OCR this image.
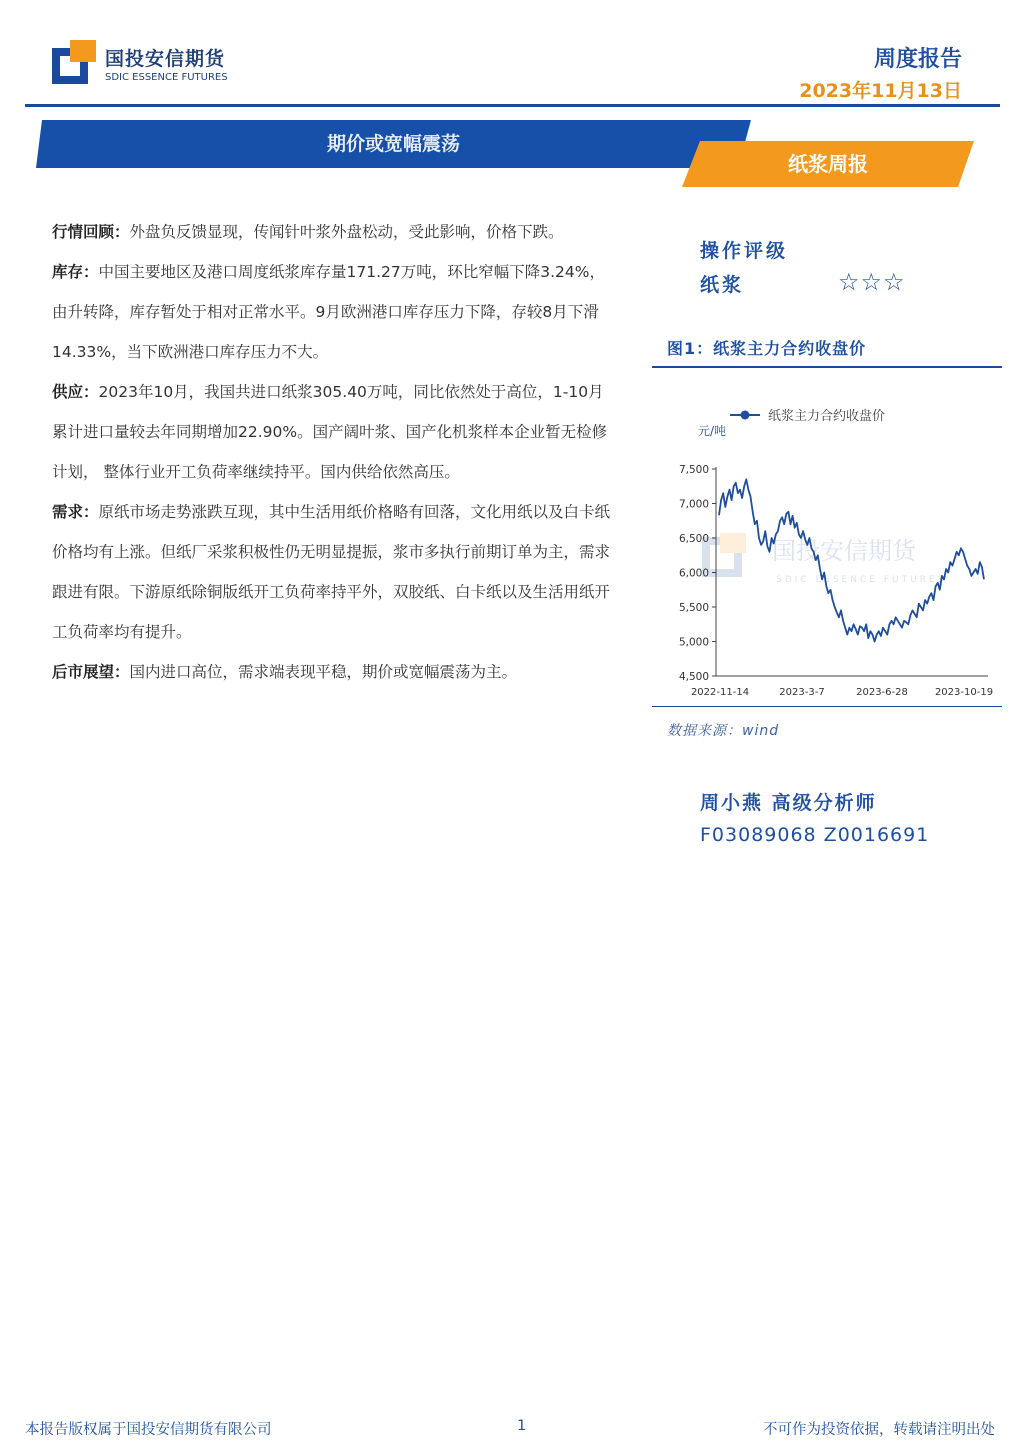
国投安信期货
SDIC ESSENCE FUTURES
周度报告
2023年11月13日
期价或宽幅震荡
纸浆周报

行情回顾：外盘负反馈显现，传闻针叶浆外盘松动，受此影响，价格下跌。

库存：中国主要地区及港口周度纸浆库存量171.27万吨，环比窄幅下降3.24%，由升转降，库存暂处于相对正常水平。9月欧洲港口库存压力下降，存较8月下滑14.33%，当下欧洲港口库存压力不大。

供应：2023年10月，我国共进口纸浆305.40万吨，同比依然处于高位，1-10月累计进口量较去年同期增加22.90%。国产阔叶浆、国产化机浆样本企业暂无检修计划， 整体行业开工负荷率继续持平。国内供给依然高压。

需求：原纸市场走势涨跌互现，其中生活用纸价格略有回落，文化用纸以及白卡纸价格均有上涨。但纸厂采浆积极性仍无明显提振，浆市多执行前期订单为主，需求跟进有限。下游原纸除铜版纸开工负荷率持平外，双胶纸、白卡纸以及生活用纸开工负荷率均有提升。

后市展望：国内进口高位，需求端表现平稳，期价或宽幅震荡为主。

操作评级
纸浆	☆☆☆
图1：纸浆主力合约收盘价
国投安信期货
SDIC ESSENCE FUTURES
元/吨
7,500
7,000
6,500
6,000
5,500
5,000
4,500
2022-11-14	2023-3-7	2023-6-28	2023-10-19
纸浆主力合约收盘价
数据来源：wind
周小燕 高级分析师
F03089068 Z0016691
本报告版权属于国投安信期货有限公司	1	不可作为投资依据，转载请注明出处
